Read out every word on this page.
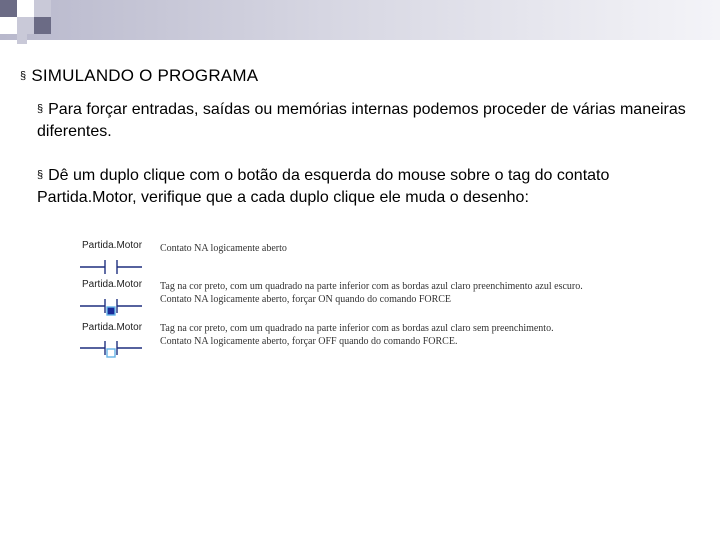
§ SIMULANDO O PROGRAMA
§ Para forçar entradas, saídas ou memórias internas podemos proceder de várias maneiras diferentes.
§ Dê um duplo clique com o botão da esquerda do mouse sobre o tag do contato Partida.Motor, verifique que a cada duplo clique ele muda o desenho:
Partida.Motor Contato NA logicamente aberto
Partida.Motor Tag na cor preto, com um quadrado na parte inferior com as bordas azul claro preenchimento azul escuro.
Contato NA logicamente aberto, forçar ON quando do comando FORCE
Partida.Motor Tag na cor preto, com um quadrado na parte inferior com as bordas azul claro sem preenchimento.
Contato NA logicamente aberto, forçar OFF quando do comando FORCE.
